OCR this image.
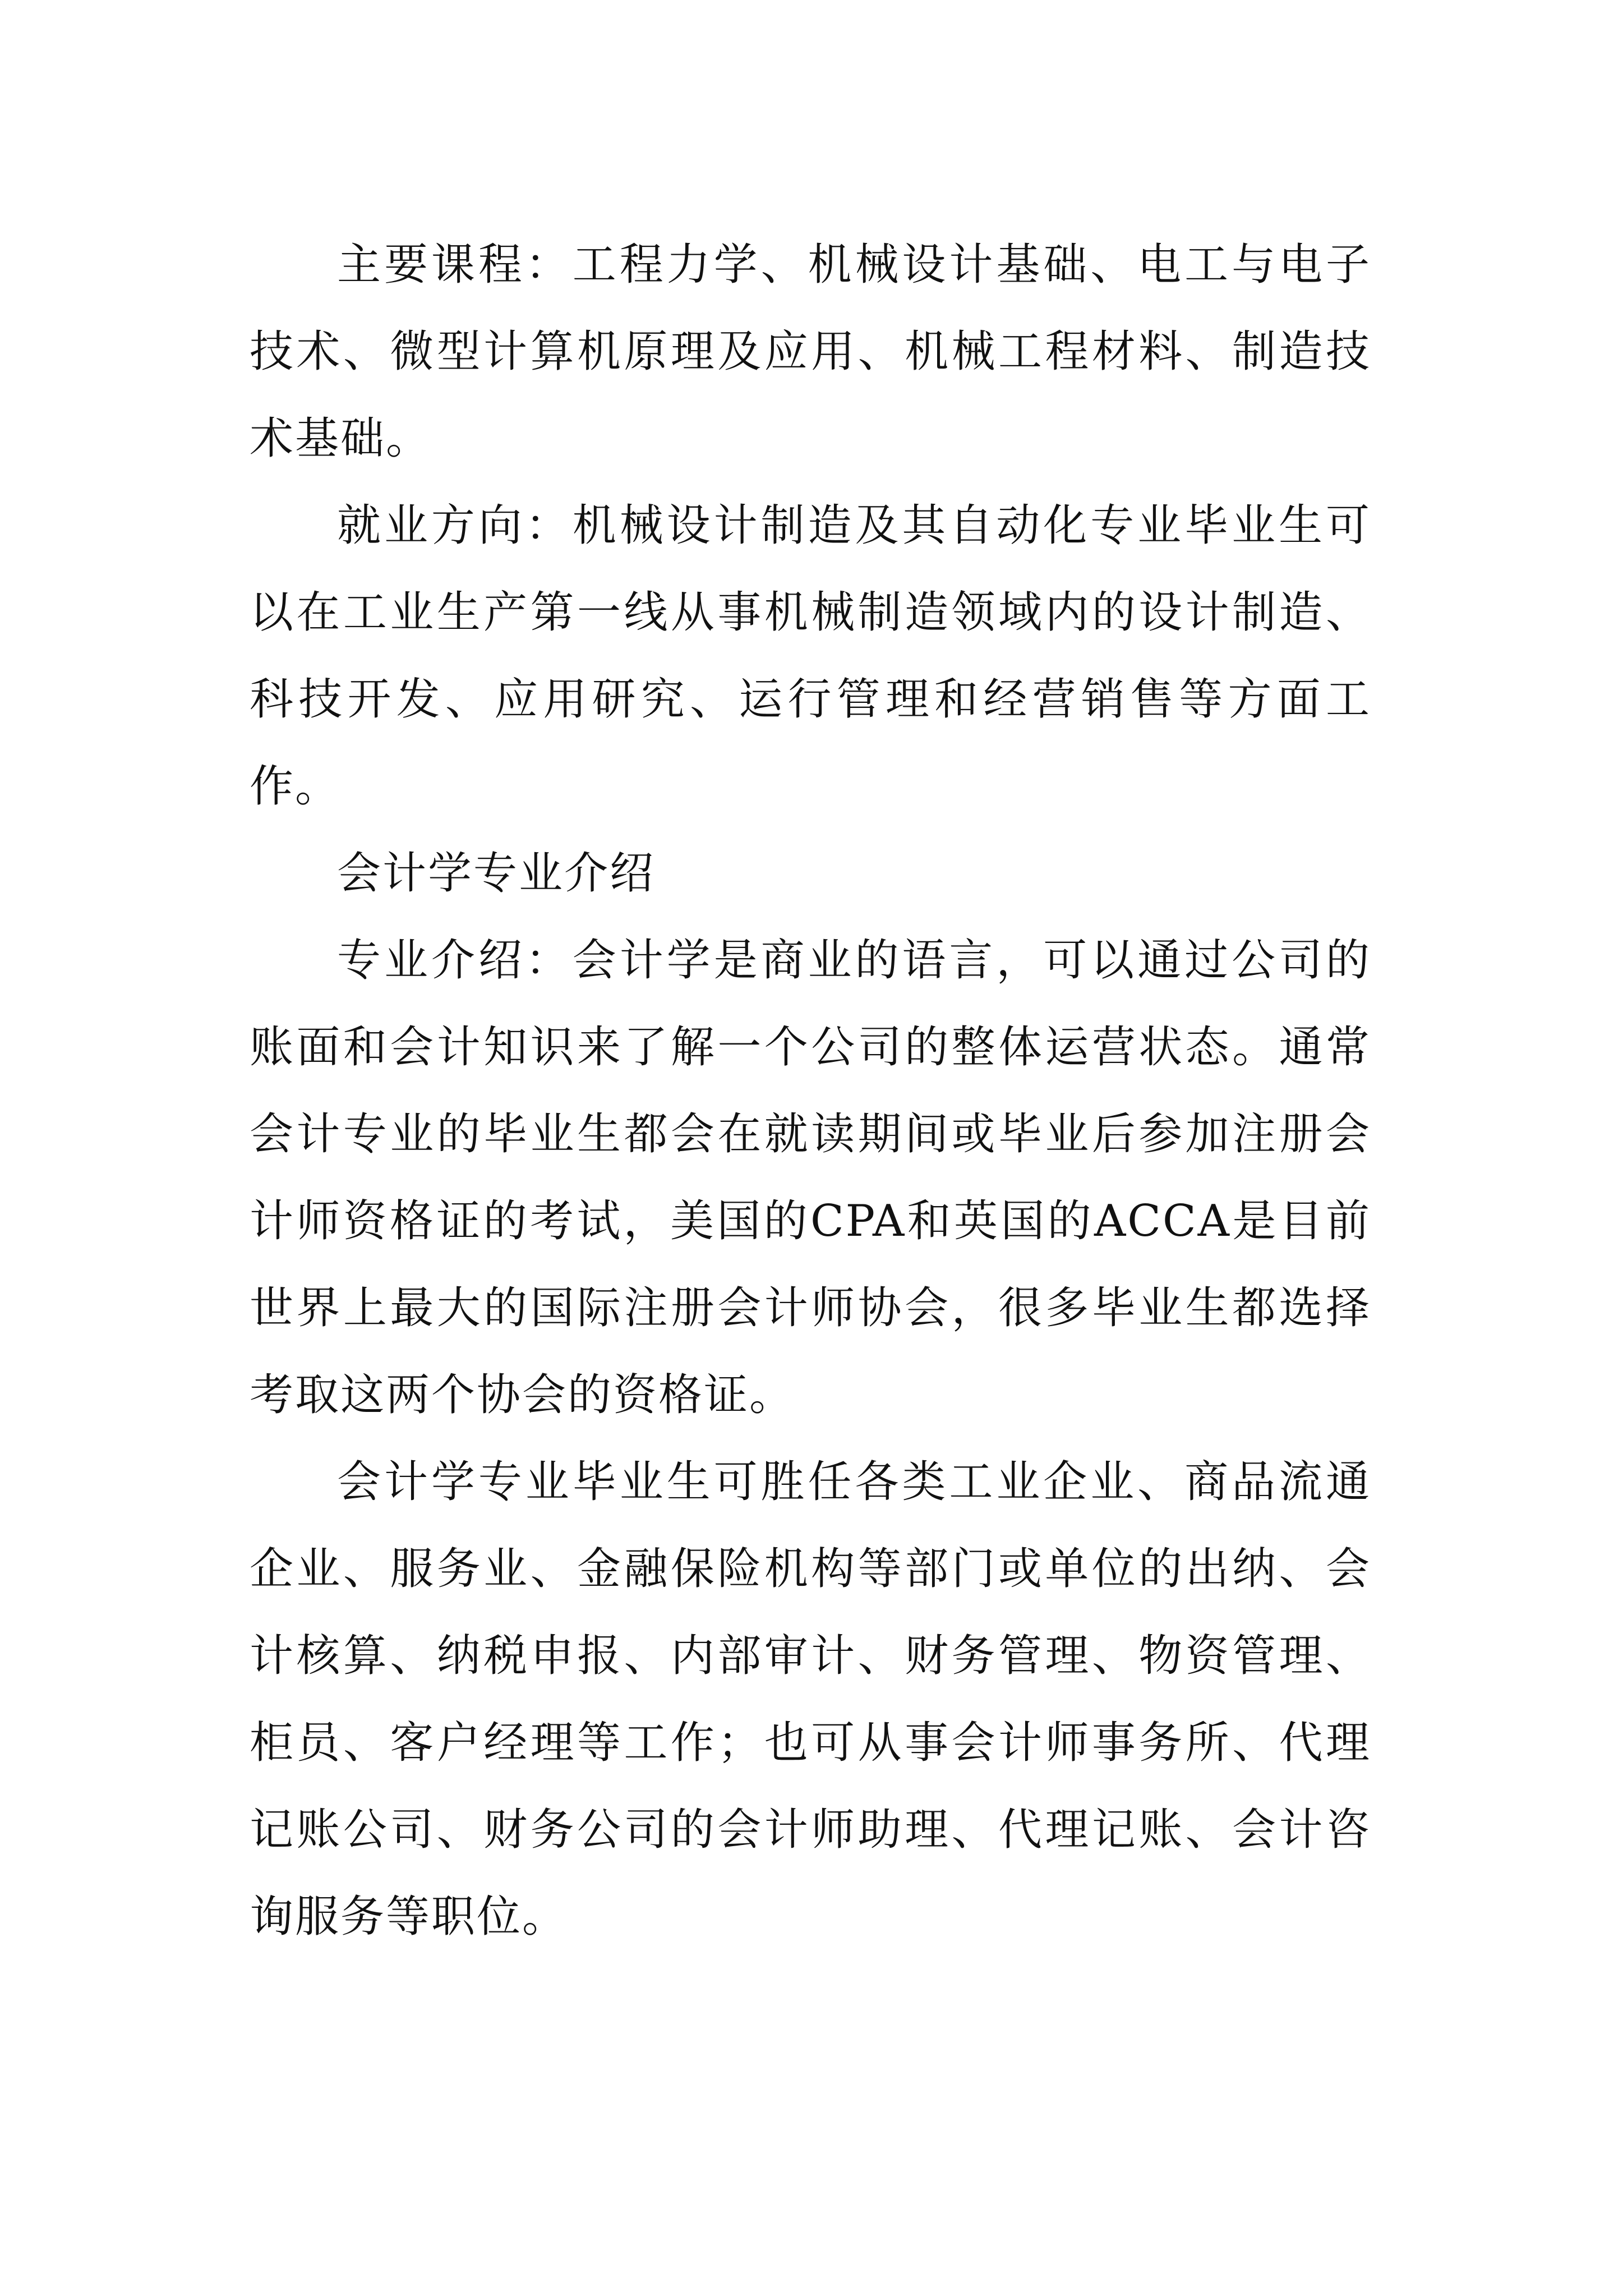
主要课程：工程力学、机械设计基础、电工与电子技术、微型计算机原理及应用、机械工程材料、制造技术基础。

就业方向：机械设计制造及其自动化专业毕业生可以在工业生产第一线从事机械制造领域内的设计制造、科技开发、应用研究、运行管理和经营销售等方面工作。

会计学专业介绍

专业介绍：会计学是商业的语言，可以通过公司的账面和会计知识来了解一个公司的整体运营状态。通常会计专业的毕业生都会在就读期间或毕业后参加注册会计师资格证的考试，美国的CPA和英国的ACCA是目前世界上最大的国际注册会计师协会，很多毕业生都选择考取这两个协会的资格证。

会计学专业毕业生可胜任各类工业企业、商品流通企业、服务业、金融保险机构等部门或单位的出纳、会计核算、纳税申报、内部审计、财务管理、物资管理、柜员、客户经理等工作；也可从事会计师事务所、代理记账公司、财务公司的会计师助理、代理记账、会计咨询服务等职位。
